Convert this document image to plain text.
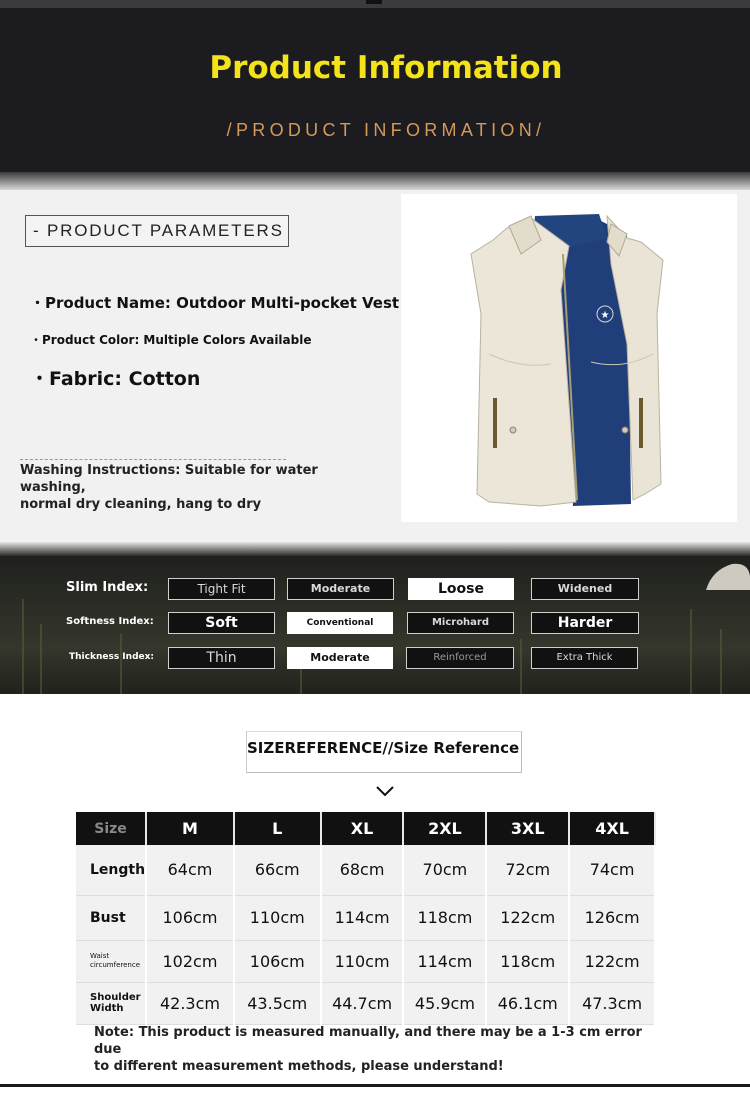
Product Information
/PRODUCT INFORMATION/
- PRODUCT PARAMETERS
・Product Name: Outdoor Multi-pocket Vest
・Product Color: Multiple Colors Available
・Fabric: Cotton
Washing Instructions: Suitable for water washing,
normal dry cleaning, hang to dry
★
Slim Index:	Tight Fit	Moderate	Loose	Widened
Softness Index:	Soft	Conventional	Microhard	Harder
Thickness Index:	Thin	Moderate	Reinforced	Extra Thick
SIZEREFERENCE//Size Reference
Size	M	L	XL	2XL	3XL	4XL
Length	64cm	66cm	68cm	70cm	72cm	74cm
Bust	106cm	110cm	114cm	118cm	122cm	126cm
Waist circumference	102cm	106cm	110cm	114cm	118cm	122cm
Shoulder Width	42.3cm	43.5cm	44.7cm	45.9cm	46.1cm	47.3cm
Note: This product is measured manually, and there may be a 1-3 cm error due
to different measurement methods, please understand!
